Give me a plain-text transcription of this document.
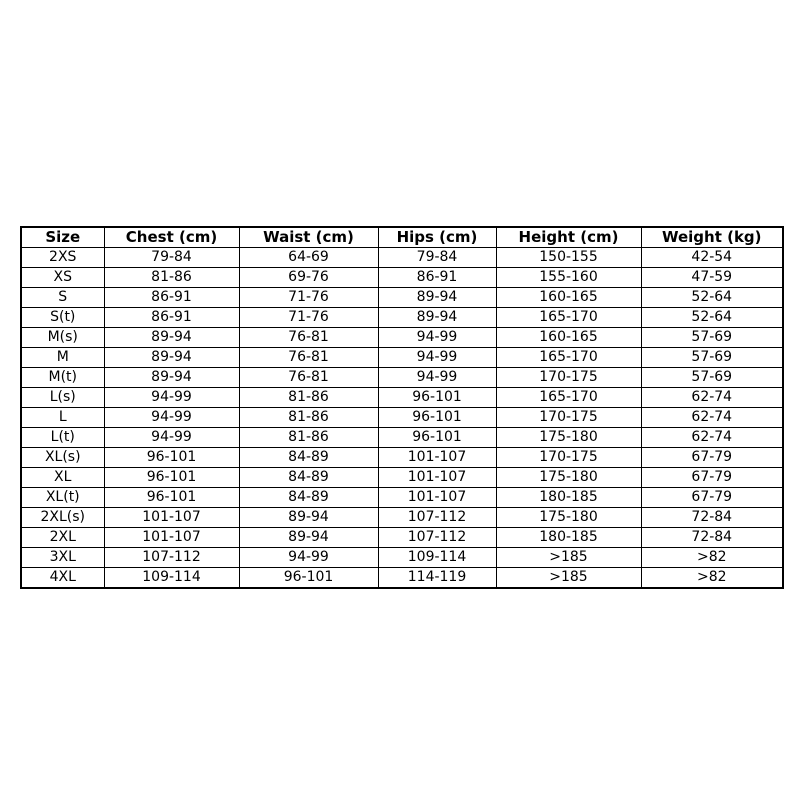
Size	Chest (cm)	Waist (cm)	Hips (cm)	Height (cm)	Weight (kg)
2XS	79-84	64-69	79-84	150-155	42-54
XS	81-86	69-76	86-91	155-160	47-59
S	86-91	71-76	89-94	160-165	52-64
S(t)	86-91	71-76	89-94	165-170	52-64
M(s)	89-94	76-81	94-99	160-165	57-69
M	89-94	76-81	94-99	165-170	57-69
M(t)	89-94	76-81	94-99	170-175	57-69
L(s)	94-99	81-86	96-101	165-170	62-74
L	94-99	81-86	96-101	170-175	62-74
L(t)	94-99	81-86	96-101	175-180	62-74
XL(s)	96-101	84-89	101-107	170-175	67-79
XL	96-101	84-89	101-107	175-180	67-79
XL(t)	96-101	84-89	101-107	180-185	67-79
2XL(s)	101-107	89-94	107-112	175-180	72-84
2XL	101-107	89-94	107-112	180-185	72-84
3XL	107-112	94-99	109-114	>185	>82
4XL	109-114	96-101	114-119	>185	>82
